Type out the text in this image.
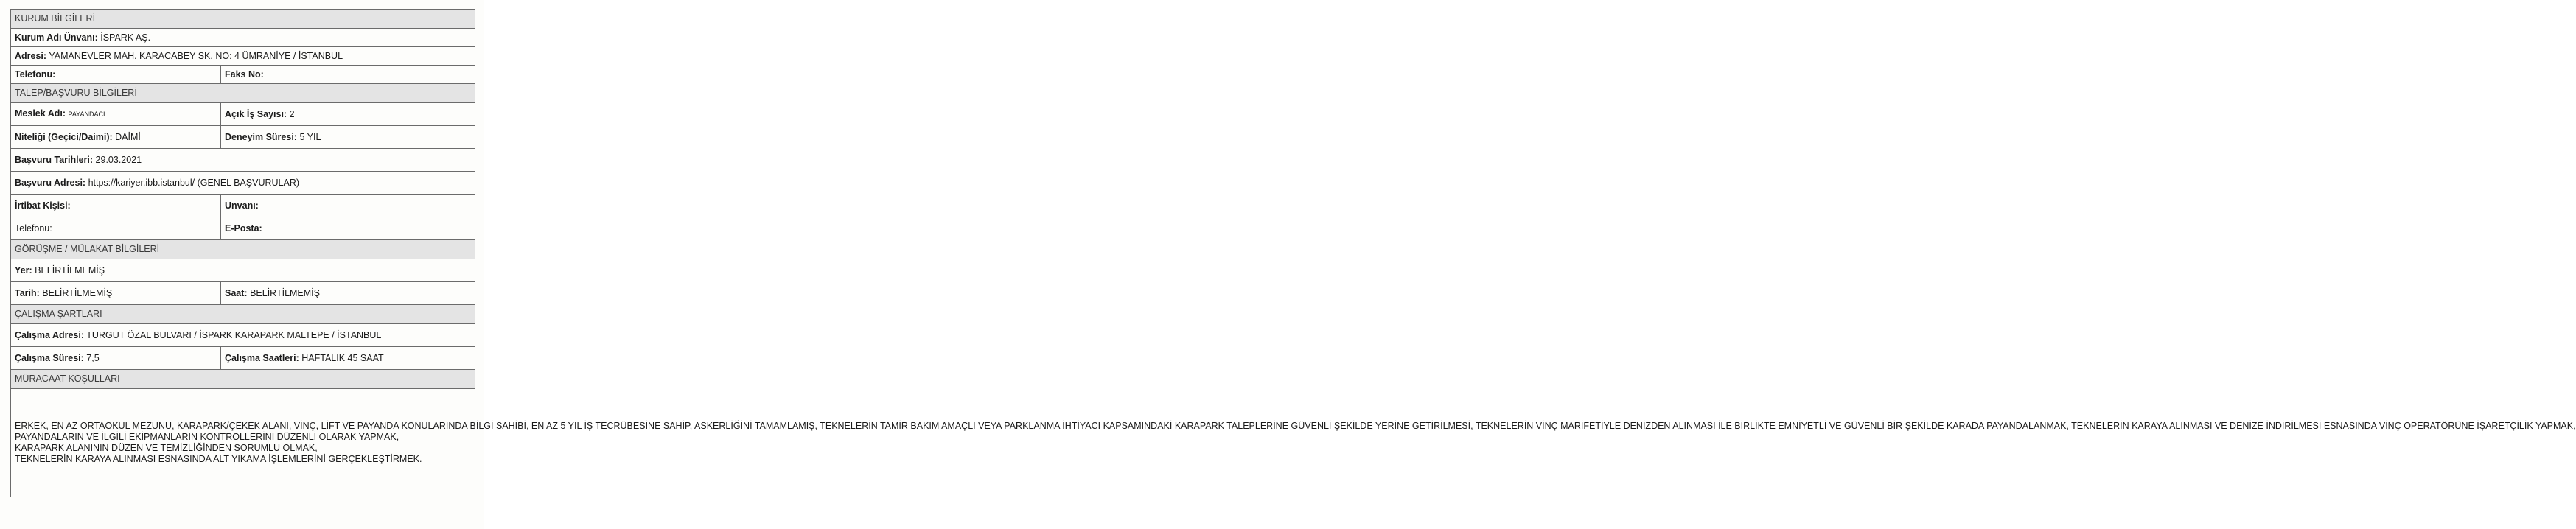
KURUM BİLGİLERİ	
Kurum Adı Ünvanı: İSPARK AŞ.	
Adresi: YAMANEVLER MAH. KARACABEY SK. NO: 4 ÜMRANİYE / İSTANBUL	
Telefonu:	Faks No:
TALEP/BAŞVURU BİLGİLERİ	
Meslek Adı: PAYANDACI	Açık İş Sayısı: 2
Niteliği (Geçici/Daimi): DAİMİ	Deneyim Süresi: 5 YIL
Başvuru Tarihleri: 29.03.2021	
Başvuru Adresi: https://kariyer.ibb.istanbul/ (GENEL BAŞVURULAR)	
İrtibat Kişisi:	Unvanı:
Telefonu:	E-Posta:
GÖRÜŞME / MÜLAKAT BİLGİLERİ	
Yer: BELİRTİLMEMİŞ	
Tarih: BELİRTİLMEMİŞ	Saat: BELİRTİLMEMİŞ
ÇALIŞMA ŞARTLARI	
Çalışma Adresi: TURGUT ÖZAL BULVARI / İSPARK KARAPARK MALTEPE / İSTANBUL	
Çalışma Süresi: 7,5	Çalışma Saatleri: HAFTALIK 45 SAAT
MÜRACAAT KOŞULLARI	

ERKEK, EN AZ ORTAOKUL MEZUNU, KARAPARK/ÇEKEK ALANI, VİNÇ, LİFT VE PAYANDA KONULARINDA BİLGİ SAHİBİ, EN AZ 5 YIL İŞ TECRÜBESİNE SAHİP, ASKERLİĞİNİ TAMAMLAMIŞ, TEKNELERİN TAMİR BAKIM AMAÇLI VEYA PARKLANMA İHTİYACI KAPSAMINDAKİ KARAPARK TALEPLERİNE GÜVENLİ ŞEKİLDE YERİNE GETİRİLMESİ, TEKNELERİN VİNÇ MARİFETİYLE DENİZDEN ALINMASI İLE BİRLİKTE EMNİYETLİ VE GÜVENLİ BİR ŞEKİLDE KARADA PAYANDALANMAK, TEKNELERİN KARAYA ALINMASI VE DENİZE İNDİRİLMESİ ESNASINDA VİNÇ OPERATÖRÜNE İŞARETÇİLİK YAPMAK,

PAYANDALARIN VE İLGİLİ EKİPMANLARIN KONTROLLERİNİ DÜZENLİ OLARAK YAPMAK,

KARAPARK ALANININ DÜZEN VE TEMİZLİĞİNDEN SORUMLU OLMAK,

TEKNELERİN KARAYA ALINMASI ESNASINDA ALT YIKAMA İŞLEMLERİNİ GERÇEKLEŞTİRMEK.	
